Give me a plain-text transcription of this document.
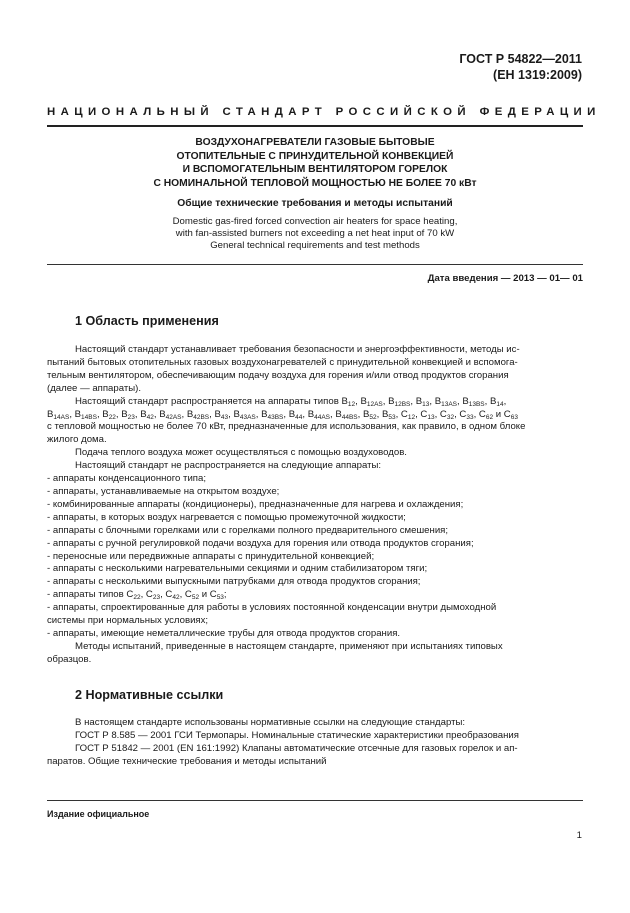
ГОСТ Р 54822—2011
(EH 1319:2009)
НАЦИОНАЛЬНЫЙ СТАНДАРТ РОССИЙСКОЙ ФЕДЕРАЦИИ

ВОЗДУХОНАГРЕВАТЕЛИ ГАЗОВЫЕ БЫТОВЫЕ

ОТОПИТЕЛЬНЫЕ С ПРИНУДИТЕЛЬНОЙ КОНВЕКЦИЕЙ

И ВСПОМОГАТЕЛЬНЫМ ВЕНТИЛЯТОРОМ ГОРЕЛОК

С НОМИНАЛЬНОЙ ТЕПЛОВОЙ МОЩНОСТЬЮ НЕ БОЛЕЕ 70 кВт

Общие технические требования и методы испытаний
Domestic gas-fired forced convection air heaters for space heating,
with fan-assisted burners not exceeding a net heat input of 70 kW
General technical requirements and test methods
Дата введения — 2013 — 01— 01
1 Область применения

Настоящий стандарт устанавливает требования безопасности и энергоэффективности, методы ис-

пытаний бытовых отопительных газовых воздухонагревателей с принудительной конвекцией и вспомога-

тельным вентилятором, обеспечивающим подачу воздуха для горения и/или отвод продуктов сгорания

(далее — аппараты).

Настоящий стандарт распространяется на аппараты типов $B_{12}$, $B_{12AS}$, $B_{12BS}$, $B_{13}$, $B_{13AS}$, $B_{13BS}$, $B_{14}$,

$B_{14AS}$, $B_{14BS}$, $B_{22}$, $B_{23}$, $B_{42}$, $B_{42AS}$, $B_{42BS}$, $B_{43}$, $B_{43AS}$, $B_{43BS}$, $B_{44}$, $B_{44AS}$, $B_{44BS}$, $B_{52}$, $B_{53}$, $C_{12}$, $C_{13}$, $C_{32}$, $C_{33}$, $C_{62}$ и $C_{63}$

с тепловой мощностью не более 70 кВт, предназначенные для использования, как правило, в одном блоке

жилого дома.

Подача теплого воздуха может осуществляться с помощью воздуховодов.

Настоящий стандарт не распространяется на следующие аппараты:

- аппараты конденсационного типа;

- аппараты, устанавливаемые на открытом воздухе;

- комбинированные аппараты (кондиционеры), предназначенные для нагрева и охлаждения;

- аппараты, в которых воздух нагревается с помощью промежуточной жидкости;

- аппараты с блочными горелками или с горелками полного предварительного смешения;

- аппараты с ручной регулировкой подачи воздуха для горения или отвода продуктов сгорания;

- переносные или передвижные аппараты с принудительной конвекцией;

- аппараты с несколькими нагревательными секциями и одним стабилизатором тяги;

- аппараты с несколькими выпускными патрубками для отвода продуктов сгорания;

- аппараты типов $C_{22}$, $C_{23}$, $C_{42}$, $C_{52}$ и $C_{53}$;

- аппараты, спроектированные для работы в условиях постоянной конденсации внутри дымоходной

системы при нормальных условиях;

- аппараты, имеющие неметаллические трубы для отвода продуктов сгорания.

Методы испытаний, приведенные в настоящем стандарте, применяют при испытаниях типовых

образцов.

2 Нормативные ссылки

В настоящем стандарте использованы нормативные ссылки на следующие стандарты:

ГОСТ Р 8.585 — 2001 ГСИ Термопары. Номинальные статические характеристики преобразования

ГОСТ Р 51842 — 2001 (EN 161:1992) Клапаны автоматические отсечные для газовых горелок и ап-

паратов. Общие технические требования и методы испытаний

Издание официальное
1
